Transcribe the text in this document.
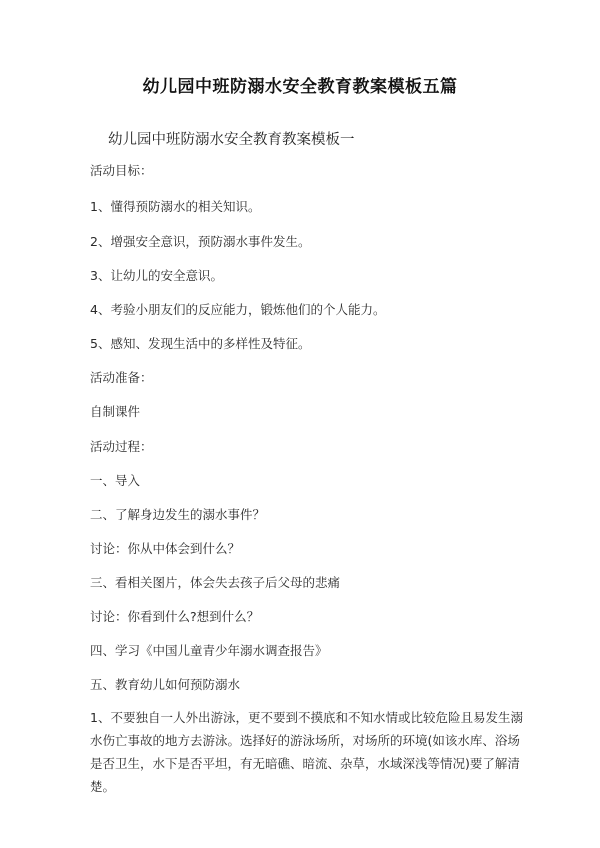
幼儿园中班防溺水安全教育教案模板五篇
幼儿园中班防溺水安全教育教案模板一
活动目标：
1、懂得预防溺水的相关知识。
2、增强安全意识，预防溺水事件发生。
3、让幼儿的安全意识。
4、考验小朋友们的反应能力，锻炼他们的个人能力。
5、感知、发现生活中的多样性及特征。
活动准备：
自制课件
活动过程：
一、导入
二、了解身边发生的溺水事件？
讨论：你从中体会到什么？
三、看相关图片，体会失去孩子后父母的悲痛
讨论：你看到什么?想到什么？
四、学习《中国儿童青少年溺水调查报告》
五、教育幼儿如何预防溺水
1、不要独自一人外出游泳，更不要到不摸底和不知水情或比较危险且易发生溺水伤亡事故的地方去游泳。选择好的游泳场所，对场所的环境(如该水库、浴场是否卫生，水下是否平坦，有无暗礁、暗流、杂草，水域深浅等情况)要了解清楚。
